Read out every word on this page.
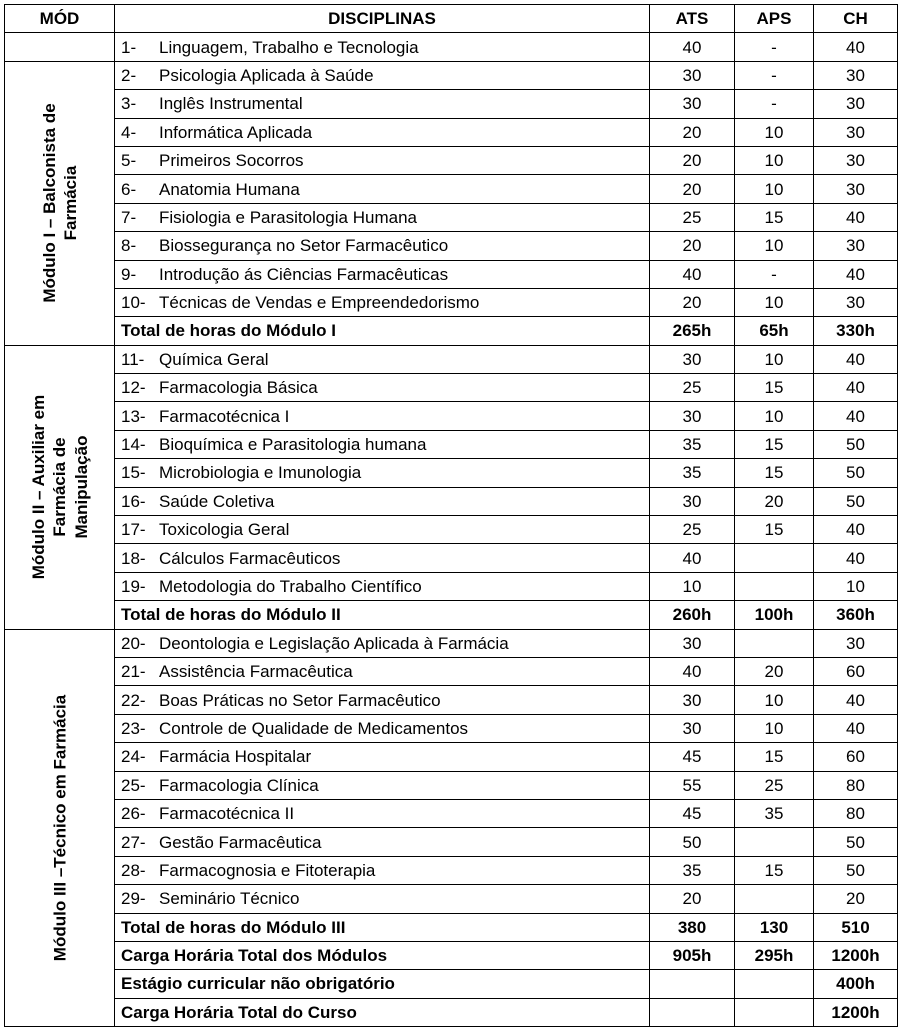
MÓD	DISCIPLINAS	ATS	APS	CH
	1- Linguagem, Trabalho e Tecnologia	40	-	40

Módulo I – Balconista de Farmácia	2- Psicologia Aplicada à Saúde	30	-	30
	3- Inglês Instrumental	30	-	30
	4- Informática Aplicada	20	10	30
	5- Primeiros Socorros	20	10	30
	6- Anatomia Humana	20	10	30
	7- Fisiologia e Parasitologia Humana	25	15	40
	8- Biossegurança no Setor Farmacêutico	20	10	30
	9- Introdução ás Ciências Farmacêuticas	40	-	40
	10- Técnicas de Vendas e Empreendedorismo	20	10	30
	Total de horas do Módulo I	265h	65h	330h

Módulo II – Auxiliar em Farmácia de Manipulação	11- Química Geral	30	10	40
	12- Farmacologia Básica	25	15	40
	13- Farmacotécnica I	30	10	40
	14- Bioquímica e Parasitologia humana	35	15	50
	15- Microbiologia e Imunologia	35	15	50
	16- Saúde Coletiva	30	20	50
	17- Toxicologia Geral	25	15	40
	18- Cálculos Farmacêuticos	40		40
	19- Metodologia do Trabalho Científico	10		10
	Total de horas do Módulo II	260h	100h	360h

Módulo III –Técnico em Farmácia	20- Deontologia e Legislação Aplicada à Farmácia	30		30
	21- Assistência Farmacêutica	40	20	60
	22- Boas Práticas no Setor Farmacêutico	30	10	40
	23- Controle de Qualidade de Medicamentos	30	10	40
	24- Farmácia Hospitalar	45	15	60
	25- Farmacologia Clínica	55	25	80
	26- Farmacotécnica II	45	35	80
	27- Gestão Farmacêutica	50		50
	28- Farmacognosia e Fitoterapia	35	15	50
	29- Seminário Técnico	20		20
	Total de horas do Módulo III	380	130	510
	Carga Horária Total dos Módulos	905h	295h	1200h
	Estágio curricular não obrigatório			400h
	Carga Horária Total do Curso			1200h
